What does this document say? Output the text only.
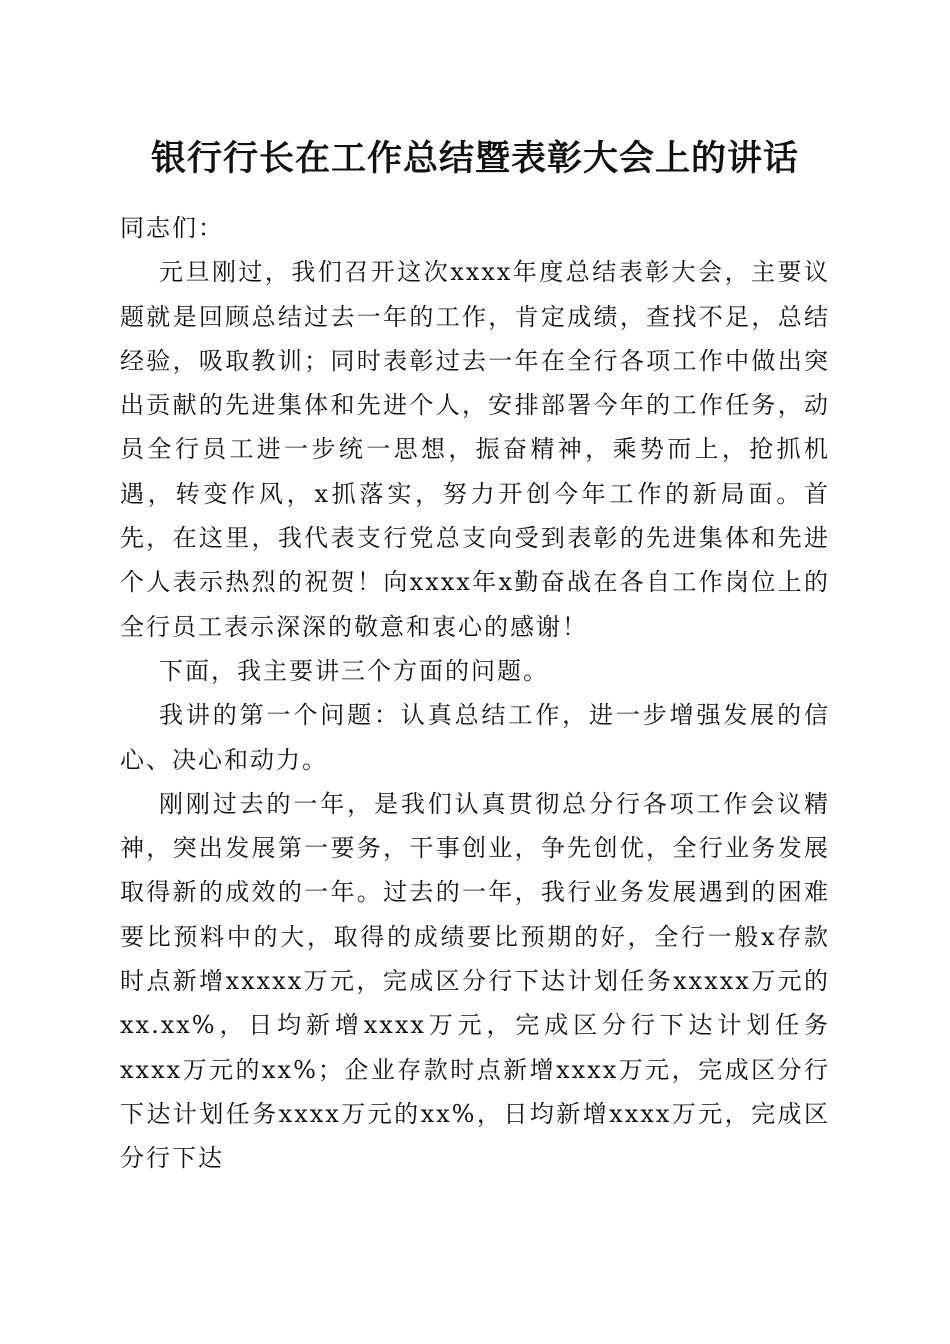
银行行长在工作总结暨表彰大会上的讲话

同志们：

元旦刚过，我们召开这次xxxx年度总结表彰大会，主要议题就是回顾总结过去一年的工作，肯定成绩，查找不足，总结经验，吸取教训；同时表彰过去一年在全行各项工作中做出突出贡献的先进集体和先进个人，安排部署今年的工作任务，动员全行员工进一步统一思想，振奋精神，乘势而上，抢抓机遇，转变作风，x抓落实，努力开创今年工作的新局面。首先，在这里，我代表支行党总支向受到表彰的先进集体和先进个人表示热烈的祝贺！向xxxx年x勤奋战在各自工作岗位上的全行员工表示深深的敬意和衷心的感谢！

下面，我主要讲三个方面的问题。

我讲的第一个问题：认真总结工作，进一步增强发展的信心、决心和动力。

刚刚过去的一年，是我们认真贯彻总分行各项工作会议精神，突出发展第一要务，干事创业，争先创优，全行业务发展取得新的成效的一年。过去的一年，我行业务发展遇到的困难要比预料中的大，取得的成绩要比预期的好，全行一般x存款时点新增xxxxx万元，完成区分行下达计划任务xxxxx万元的xx.xx%，日均新增xxxx万元，完成区分行下达计划任务xxxx万元的xx%；企业存款时点新增xxxx万元，完成区分行下达计划任务xxxx万元的xx%，日均新增xxxx万元，完成区分行下达
